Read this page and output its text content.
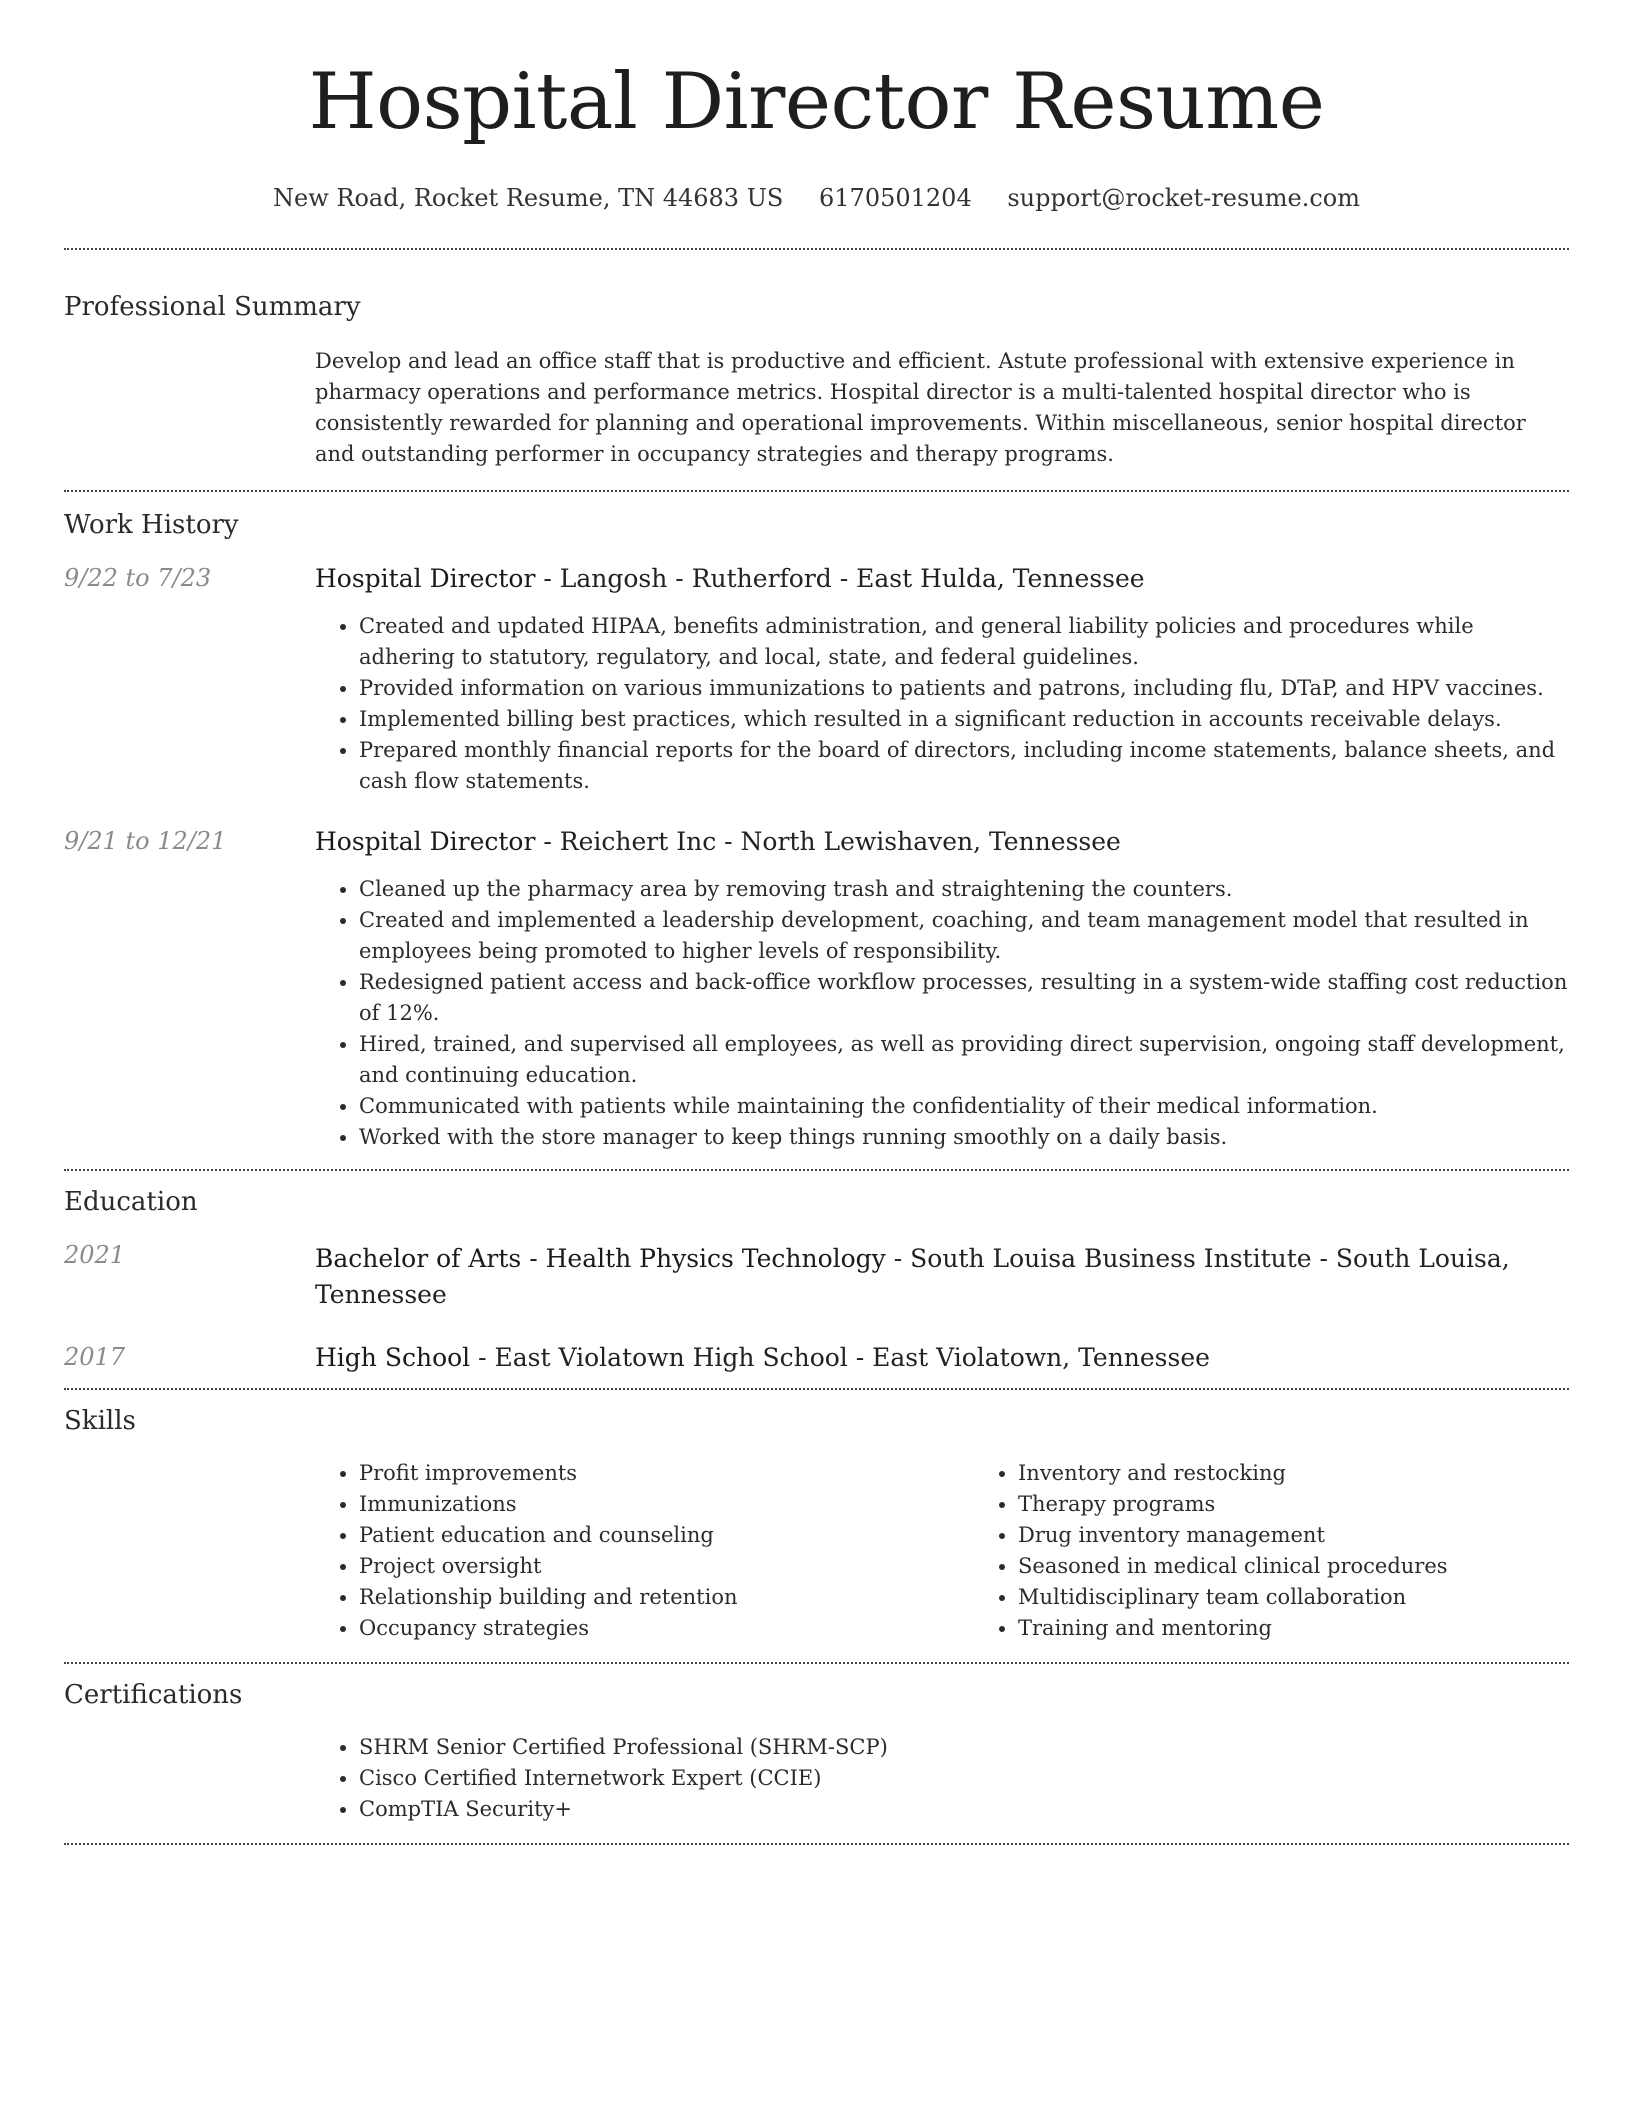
Hospital Director Resume
New Road, Rocket Resume, TN 44683 US 6170501204 support@rocket-resume.com
Professional Summary

Develop and lead an office staff that is productive and efficient. Astute professional with extensive experience in pharmacy operations and performance metrics. Hospital director is a multi-talented hospital director who is consistently rewarded for planning and operational improvements. Within miscellaneous, senior hospital director and outstanding performer in occupancy strategies and therapy programs.

Work History
9/22 to 7/23	Hospital Director - Langosh - Rutherford - East Hulda, Tennessee
• Created and updated HIPAA, benefits administration, and general liability policies and procedures while adhering to statutory, regulatory, and local, state, and federal guidelines.
• Provided information on various immunizations to patients and patrons, including flu, DTaP, and HPV vaccines.
• Implemented billing best practices, which resulted in a significant reduction in accounts receivable delays.
• Prepared monthly financial reports for the board of directors, including income statements, balance sheets, and cash flow statements.
9/21 to 12/21	Hospital Director - Reichert Inc - North Lewishaven, Tennessee
• Cleaned up the pharmacy area by removing trash and straightening the counters.
• Created and implemented a leadership development, coaching, and team management model that resulted in employees being promoted to higher levels of responsibility.
• Redesigned patient access and back-office workflow processes, resulting in a system-wide staffing cost reduction of 12%.
• Hired, trained, and supervised all employees, as well as providing direct supervision, ongoing staff development, and continuing education.
• Communicated with patients while maintaining the confidentiality of their medical information.
• Worked with the store manager to keep things running smoothly on a daily basis.
Education
2021	Bachelor of Arts - Health Physics Technology - South Louisa Business Institute - South Louisa, Tennessee
2017	High School - East Violatown High School - East Violatown, Tennessee
Skills
• Profit improvements
• Immunizations
• Patient education and counseling
• Project oversight
• Relationship building and retention
• Occupancy strategies
• Inventory and restocking
• Therapy programs
• Drug inventory management
• Seasoned in medical clinical procedures
• Multidisciplinary team collaboration
• Training and mentoring
Certifications
• SHRM Senior Certified Professional (SHRM-SCP)
• Cisco Certified Internetwork Expert (CCIE)
• CompTIA Security+
